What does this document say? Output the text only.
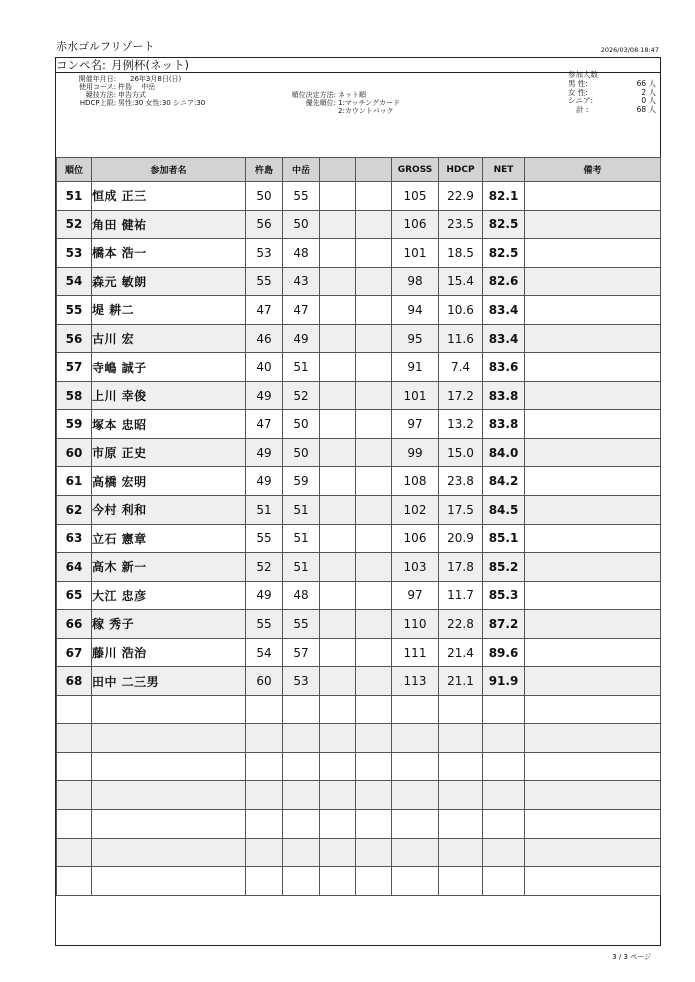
赤水ゴルフリゾート	2026/03/08 18:47
コンペ名: 月例杯(ネット)
開催年月日:
使用コース:
競技方法:
HDCP上限:
26年3月8日(日)
杵島 　中岳
申告方式
男性:30 女性:30 シニア:30
順位決定方法:
優先順位:
ネット順
1:マッチングカード
2:カウントバック
参加人数
男 性:	66 人
女 性:	2 人
シニア:	0 人
計 :	68 人
順位	参加者名	杵島	中岳			GROSS	HDCP	NET	備考
51	恒成 正三	50	55			105	22.9	82.1	
52	角田 健祐	56	50			106	23.5	82.5	
53	橋本 浩一	53	48			101	18.5	82.5	
54	森元 敏朗	55	43			98	15.4	82.6	
55	堤 耕二	47	47			94	10.6	83.4	
56	古川 宏	46	49			95	11.6	83.4	
57	寺嶋 誠子	40	51			91	7.4	83.6	
58	上川 幸俊	49	52			101	17.2	83.8	
59	塚本 忠昭	47	50			97	13.2	83.8	
60	市原 正史	49	50			99	15.0	84.0	
61	高橋 宏明	49	59			108	23.8	84.2	
62	今村 利和	51	51			102	17.5	84.5	
63	立石 憲章	55	51			106	20.9	85.1	
64	高木 新一	52	51			103	17.8	85.2	
65	大江 忠彦	49	48			97	11.7	85.3	
66	稼 秀子	55	55			110	22.8	87.2	
67	藤川 浩治	54	57			111	21.4	89.6	
68	田中 二三男	60	53			113	21.1	91.9	

3 / 3 ページ
